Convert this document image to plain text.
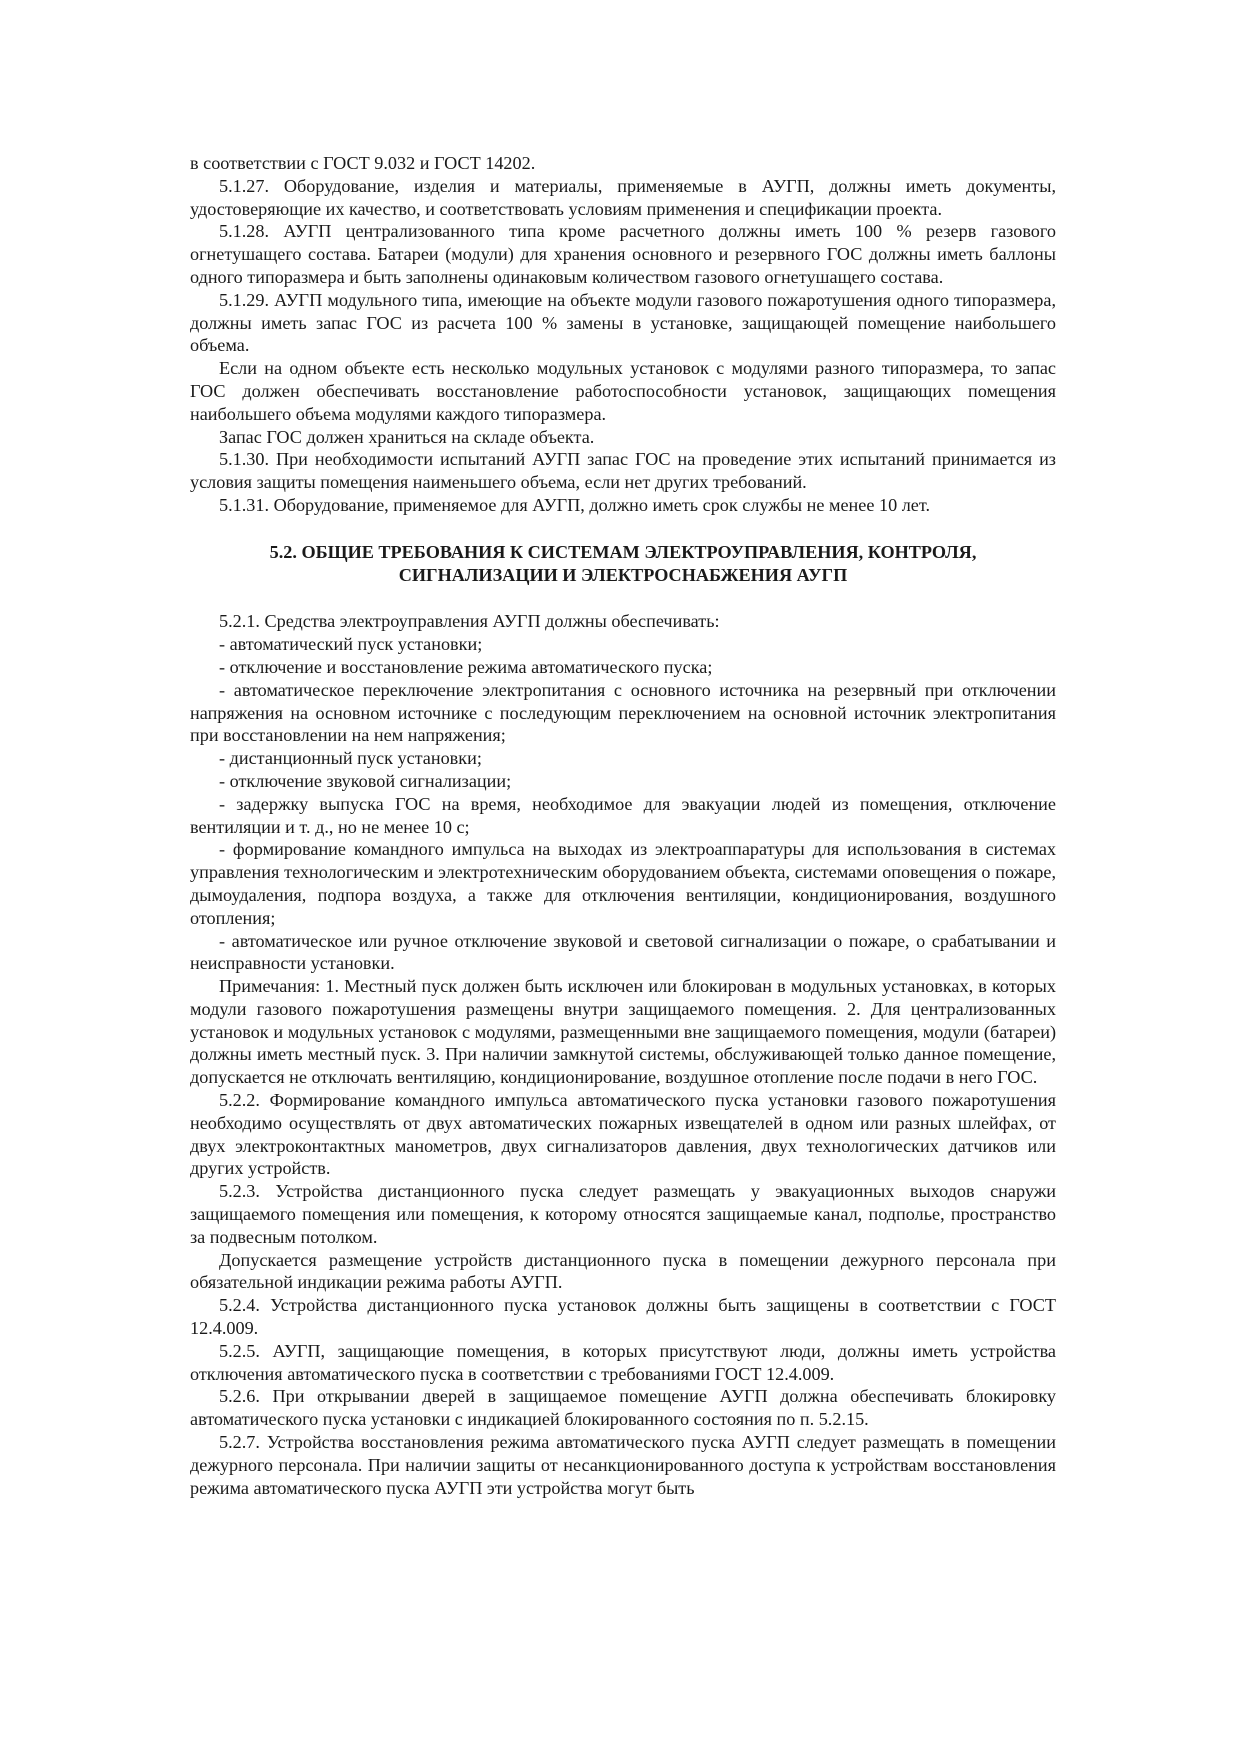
в соответствии с ГОСТ 9.032 и ГОСТ 14202.

5.1.27. Оборудование, изделия и материалы, применяемые в АУГП, должны иметь документы, удостоверяющие их качество, и соответствовать условиям применения и спецификации проекта.

5.1.28. АУГП централизованного типа кроме расчетного должны иметь 100 % резерв газового огнетушащего состава. Батареи (модули) для хранения основного и резервного ГОС должны иметь баллоны одного типоразмера и быть заполнены одинаковым количеством газового огнетушащего состава.

5.1.29. АУГП модульного типа, имеющие на объекте модули газового пожаротушения одного типоразмера, должны иметь запас ГОС из расчета 100 % замены в установке, защищающей помещение наибольшего объема.

Если на одном объекте есть несколько модульных установок с модулями разного типоразмера, то запас ГОС должен обеспечивать восстановление работоспособности установок, защищающих помещения наибольшего объема модулями каждого типоразмера.

Запас ГОС должен храниться на складе объекта.

5.1.30. При необходимости испытаний АУГП запас ГОС на проведение этих испытаний принимается из условия защиты помещения наименьшего объема, если нет других требований.

5.1.31. Оборудование, применяемое для АУГП, должно иметь срок службы не менее 10 лет.

5.2. ОБЩИЕ ТРЕБОВАНИЯ К СИСТЕМАМ ЭЛЕКТРОУПРАВЛЕНИЯ, КОНТРОЛЯ,
СИГНАЛИЗАЦИИ И ЭЛЕКТРОСНАБЖЕНИЯ АУГП

5.2.1. Средства электроуправления АУГП должны обеспечивать:

- автоматический пуск установки;

- отключение и восстановление режима автоматического пуска;

- автоматическое переключение электропитания с основного источника на резервный при отключении напряжения на основном источнике с последующим переключением на основной источник электропитания при восстановлении на нем напряжения;

- дистанционный пуск установки;

- отключение звуковой сигнализации;

- задержку выпуска ГОС на время, необходимое для эвакуации людей из помещения, отключение вентиляции и т. д., но не менее 10 с;

- формирование командного импульса на выходах из электроаппаратуры для использования в системах управления технологическим и электротехническим оборудованием объекта, системами оповещения о пожаре, дымоудаления, подпора воздуха, а также для отключения вентиляции, кондиционирования, воздушного отопления;

- автоматическое или ручное отключение звуковой и световой сигнализации о пожаре, о срабатывании и неисправности установки.

Примечания: 1. Местный пуск должен быть исключен или блокирован в модульных установках, в которых модули газового пожаротушения размещены внутри защищаемого помещения. 2. Для централизованных установок и модульных установок с модулями, размещенными вне защищаемого помещения, модули (батареи) должны иметь местный пуск. 3. При наличии замкнутой системы, обслуживающей только данное помещение, допускается не отключать вентиляцию, кондиционирование, воздушное отопление после подачи в него ГОС.

5.2.2. Формирование командного импульса автоматического пуска установки газового пожаротушения необходимо осуществлять от двух автоматических пожарных извещателей в одном или разных шлейфах, от двух электроконтактных манометров, двух сигнализаторов давления, двух технологических датчиков или других устройств.

5.2.3. Устройства дистанционного пуска следует размещать у эвакуационных выходов снаружи защищаемого помещения или помещения, к которому относятся защищаемые канал, подполье, пространство за подвесным потолком.

Допускается размещение устройств дистанционного пуска в помещении дежурного персонала при обязательной индикации режима работы АУГП.

5.2.4. Устройства дистанционного пуска установок должны быть защищены в соответствии с ГОСТ 12.4.009.

5.2.5. АУГП, защищающие помещения, в которых присутствуют люди, должны иметь устройства отключения автоматического пуска в соответствии с требованиями ГОСТ 12.4.009.

5.2.6. При открывании дверей в защищаемое помещение АУГП должна обеспечивать блокировку автоматического пуска установки с индикацией блокированного состояния по п. 5.2.15.

5.2.7. Устройства восстановления режима автоматического пуска АУГП следует размещать в помещении дежурного персонала. При наличии защиты от несанкционированного доступа к устройствам восстановления режима автоматического пуска АУГП эти устройства могут быть
